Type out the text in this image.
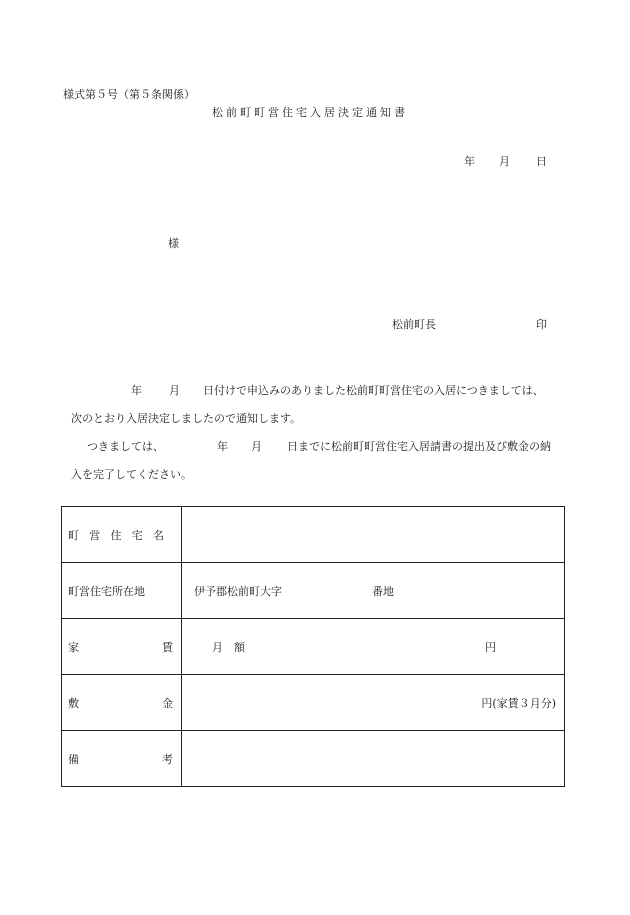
様式第５号（第５条関係）
松前町町営住宅入居決定通知書
年 月 日
様
松前町長	印
年 月 日付けで申込みのありました松前町町営住宅の入居につきましては、
次のとおり入居決定しましたので通知します。
つきましては、	年 月 日までに松前町町営住宅入居請書の提出及び敷金の納
入を完了してください。
町 営 住 宅 名	

町営住宅所在地	伊予郡松前町大字 番地

家 賃	月　額 円

敷 金	円(家賃３月分)

備 考	
